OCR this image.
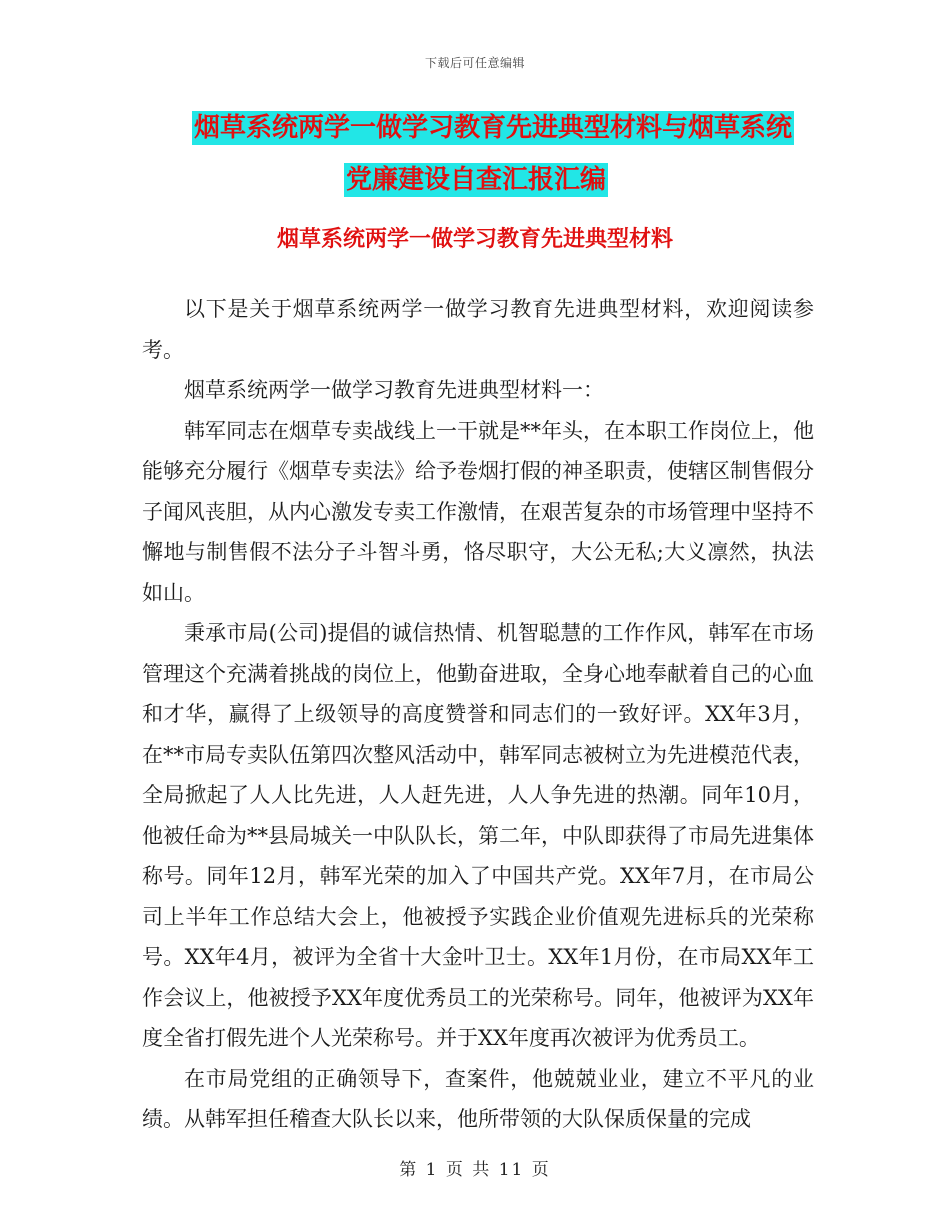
下载后可任意编辑
烟草系统两学一做学习教育先进典型材料与烟草系统
党廉建设自查汇报汇编
烟草系统两学一做学习教育先进典型材料

以下是关于烟草系统两学一做学习教育先进典型材料，欢迎阅读参考。

烟草系统两学一做学习教育先进典型材料一：

韩军同志在烟草专卖战线上一干就是**年头，在本职工作岗位上，他能够充分履行《烟草专卖法》给予卷烟打假的神圣职责，使辖区制售假分子闻风丧胆，从内心激发专卖工作激情，在艰苦复杂的市场管理中坚持不懈地与制售假不法分子斗智斗勇，恪尽职守，大公无私;大义凛然，执法如山。

秉承市局(公司)提倡的诚信热情、机智聪慧的工作作风，韩军在市场管理这个充满着挑战的岗位上，他勤奋进取，全身心地奉献着自己的心血和才华，赢得了上级领导的高度赞誉和同志们的一致好评。XX年3月，在**市局专卖队伍第四次整风活动中，韩军同志被树立为先进模范代表，全局掀起了人人比先进，人人赶先进，人人争先进的热潮。同年10月，他被任命为**县局城关一中队队长，第二年，中队即获得了市局先进集体称号。同年12月，韩军光荣的加入了中国共产党。XX年7月，在市局公司上半年工作总结大会上，他被授予实践企业价值观先进标兵的光荣称号。XX年4月，被评为全省十大金叶卫士。XX年1月份，在市局XX年工作会议上，他被授予XX年度优秀员工的光荣称号。同年，他被评为XX年度全省打假先进个人光荣称号。并于XX年度再次被评为优秀员工。

在市局党组的正确领导下，查案件，他兢兢业业，建立不平凡的业绩。从韩军担任稽查大队长以来，他所带领的大队保质保量的完成

第 1 页 共 11 页
